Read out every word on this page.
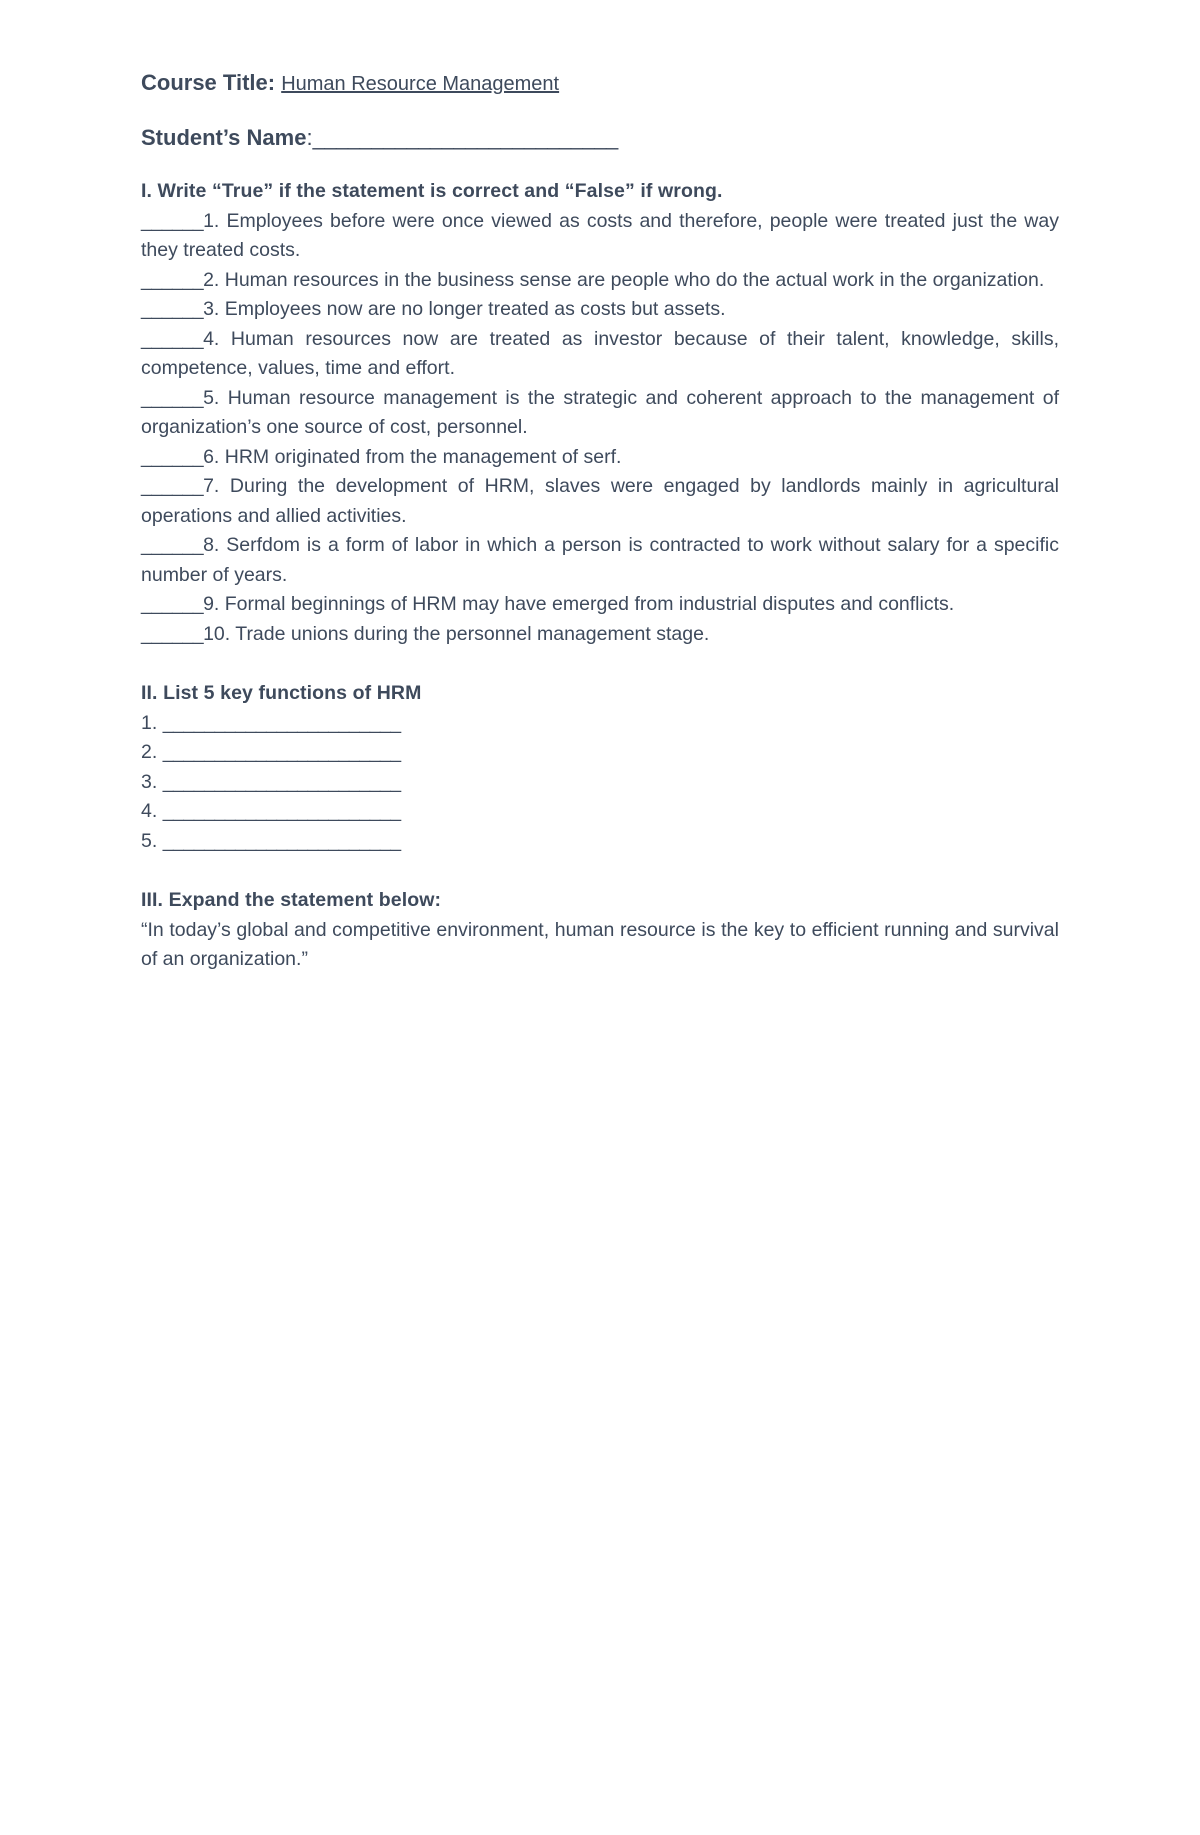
Course Title: Human Resource Management

Student’s Name:__________________________

I. Write “True” if the statement is correct and “False” if wrong.

______1. Employees before were once viewed as costs and therefore, people were treated just the way they treated costs.

______2. Human resources in the business sense are people who do the actual work in the organization.

______3. Employees now are no longer treated as costs but assets.

______4. Human resources now are treated as investor because of their talent, knowledge, skills, competence, values, time and effort.

______5. Human resource management is the strategic and coherent approach to the management of organization’s one source of cost, personnel.

______6. HRM originated from the management of serf.

______7. During the development of HRM, slaves were engaged by landlords mainly in agricultural operations and allied activities.

______8. Serfdom is a form of labor in which a person is contracted to work without salary for a specific number of years.

______9. Formal beginnings of HRM may have emerged from industrial disputes and conflicts.

______10. Trade unions during the personnel management stage.

II. List 5 key functions of HRM

1. _______________________

2. _______________________

3. _______________________

4. _______________________

5. _______________________

III. Expand the statement below:

“In today’s global and competitive environment, human resource is the key to efficient running and survival of an organization.”
